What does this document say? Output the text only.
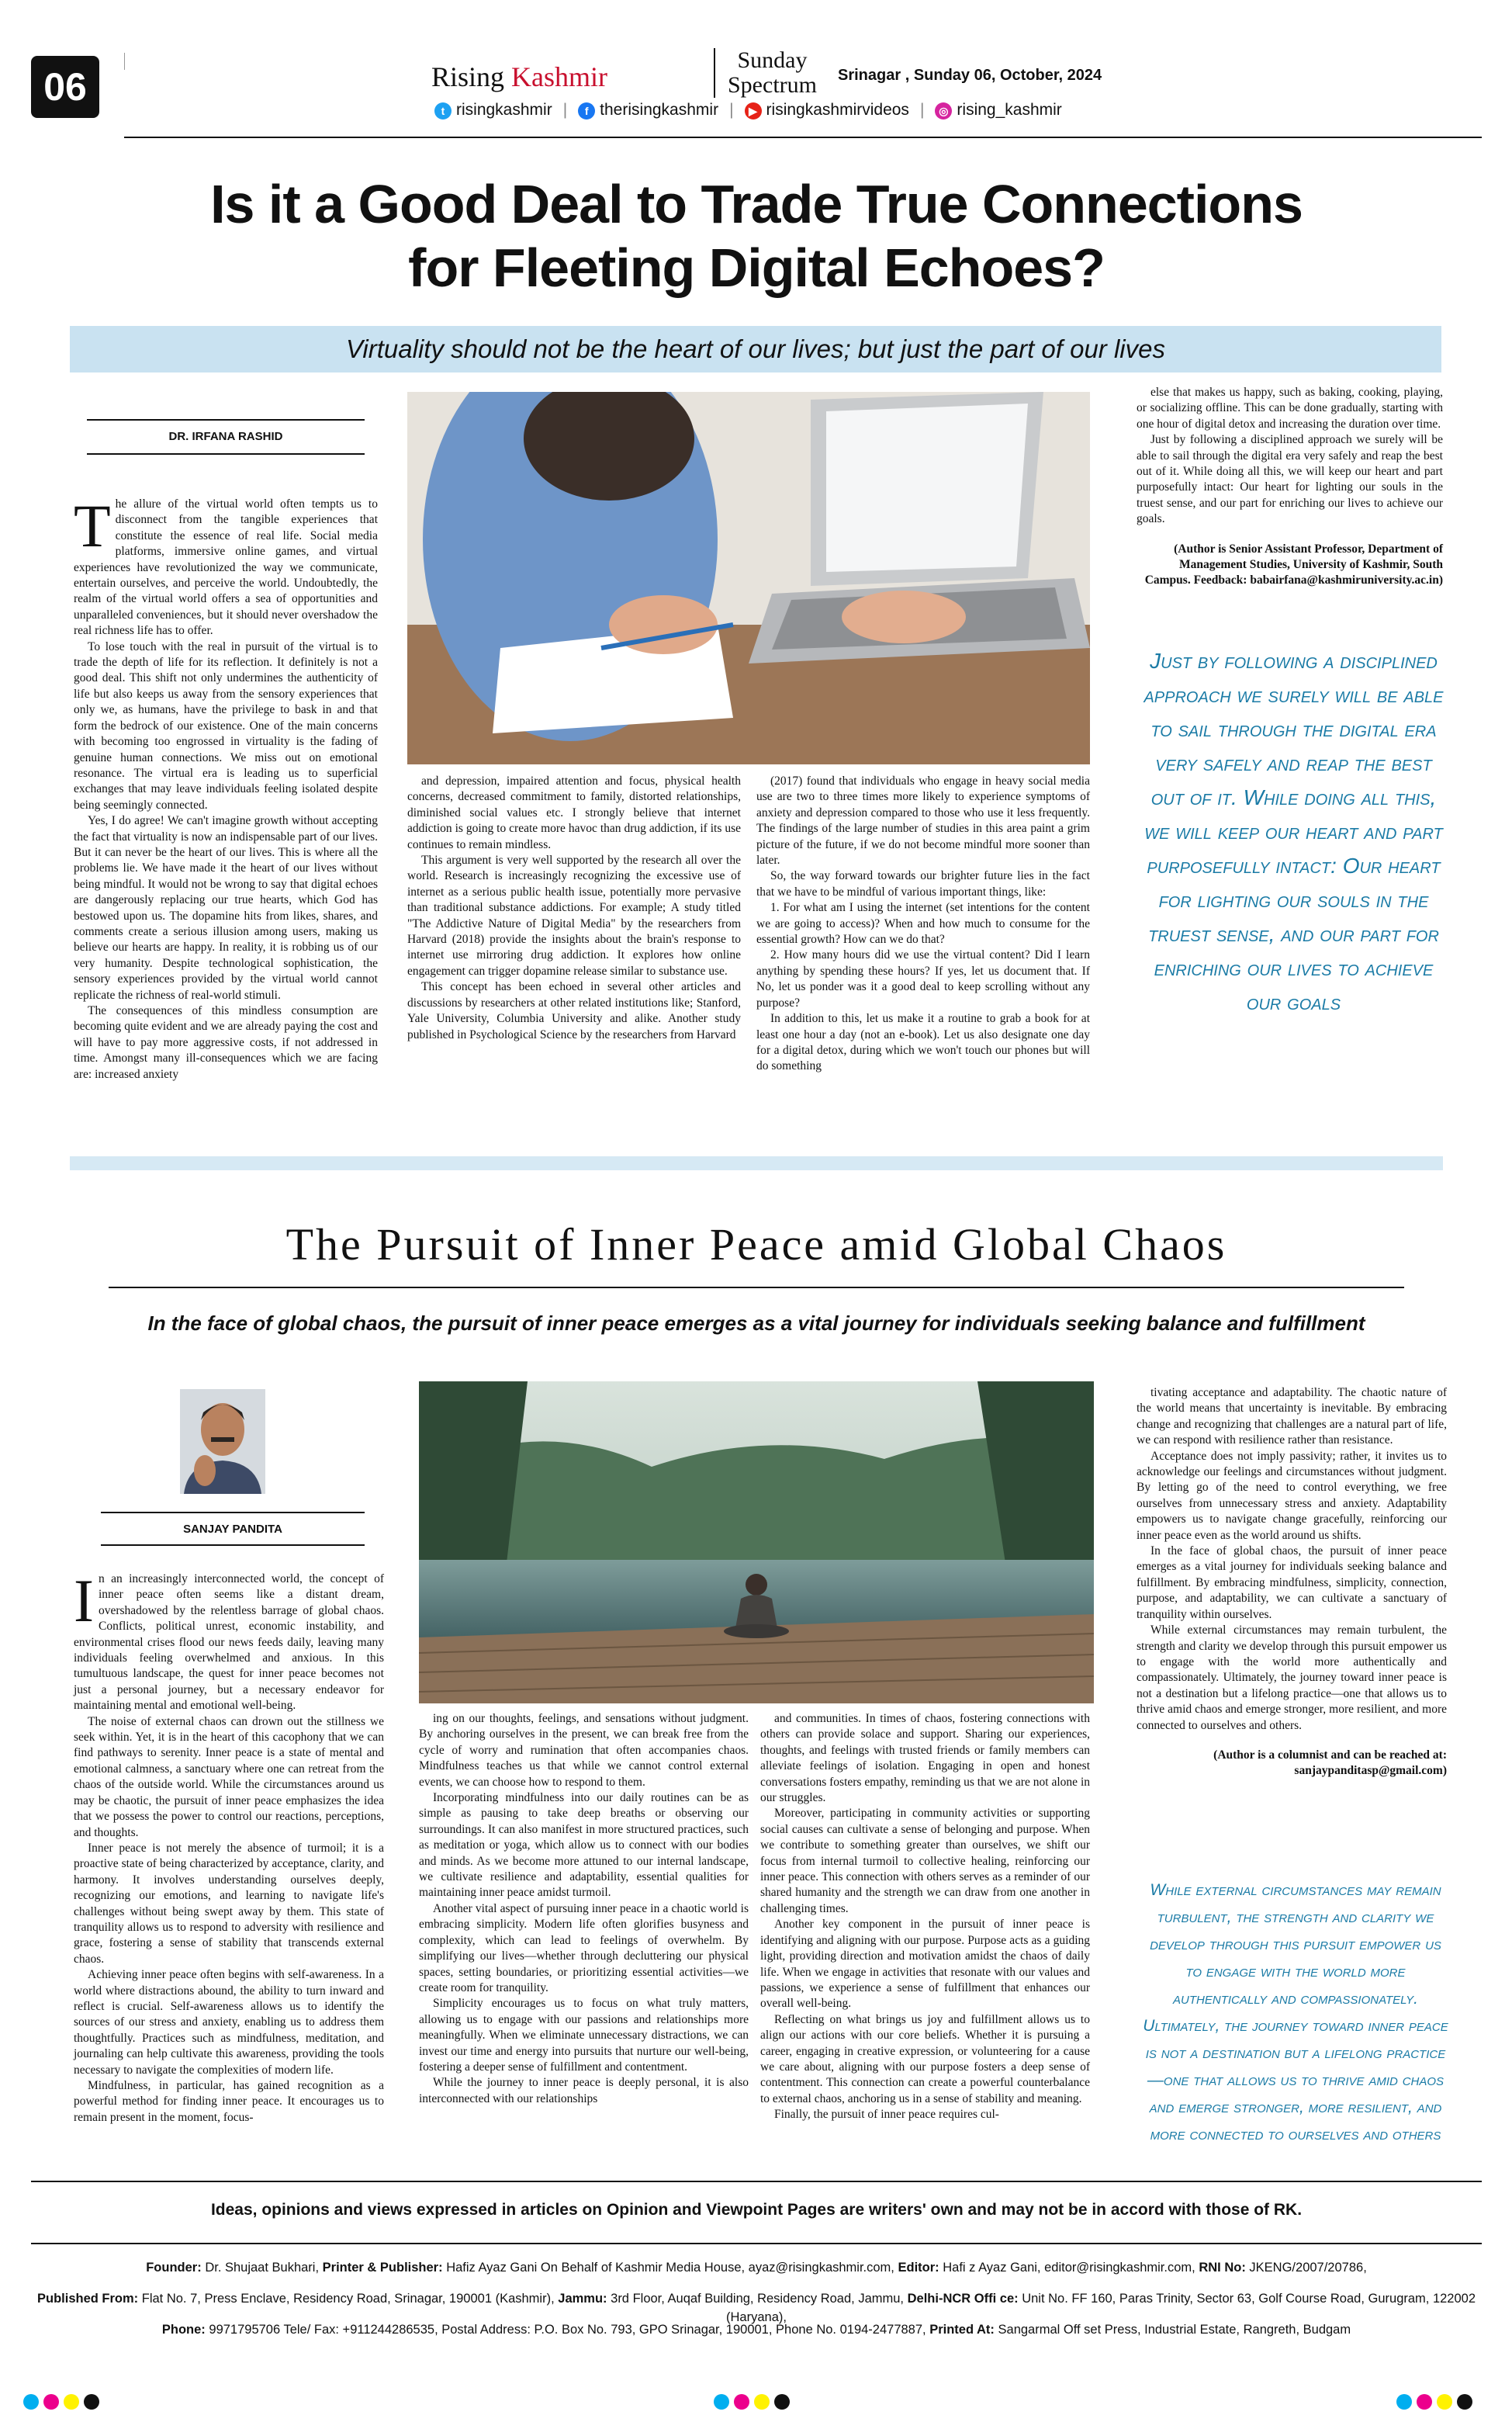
06	Rising Kashmir
Sunday
Spectrum Srinagar , Sunday 06, October, 2024
t risingkashmir |	f therisingkashmir |	▶ risingkashmirvideos |	◎ rising_kashmir
Is it a Good Deal to Trade True Connections
for Fleeting Digital Echoes?
Virtuality should not be the heart of our lives; but just the part of our lives
DR. IRFANA RASHID

The allure of the virtual world often tempts us to disconnect from the tangible experiences that constitute the essence of real life. Social media platforms, immersive online games, and virtual experiences have revolutionized the way we communicate, entertain ourselves, and perceive the world. Undoubtedly, the realm of the virtual world offers a sea of opportunities and unparalleled conveniences, but it should never overshadow the real richness life has to offer.

To lose touch with the real in pursuit of the virtual is to trade the depth of life for its reflection. It definitely is not a good deal. This shift not only undermines the authenticity of life but also keeps us away from the sensory experiences that only we, as humans, have the privilege to bask in and that form the bedrock of our existence. One of the main concerns with becoming too engrossed in virtuality is the fading of genuine human connections. We miss out on emotional resonance. The virtual era is leading us to superficial exchanges that may leave individuals feeling isolated despite being seemingly connected.

Yes, I do agree! We can't imagine growth without accepting the fact that virtuality is now an indispensable part of our lives. But it can never be the heart of our lives. This is where all the problems lie. We have made it the heart of our lives without being mindful. It would not be wrong to say that digital echoes are dangerously replacing our true hearts, which God has bestowed upon us. The dopamine hits from likes, shares, and comments create a serious illusion among users, making us believe our hearts are happy. In reality, it is robbing us of our very humanity. Despite technological sophistication, the sensory experiences provided by the virtual world cannot replicate the richness of real-world stimuli.

The consequences of this mindless consumption are becoming quite evident and we are already paying the cost and will have to pay more aggressive costs, if not addressed in time. Amongst many ill-consequences which we are facing are: increased anxiety

and depression, impaired attention and focus, physical health concerns, decreased commitment to family, distorted relationships, diminished social values etc. I strongly believe that internet addiction is going to create more havoc than drug addiction, if its use continues to remain mindless.

This argument is very well supported by the research all over the world. Research is increasingly recognizing the excessive use of internet as a serious public health issue, potentially more pervasive than traditional substance addictions. For example; A study titled "The Addictive Nature of Digital Media" by the researchers from Harvard (2018) provide the insights about the brain's response to internet use mirroring drug addiction. It explores how online engagement can trigger dopamine release similar to substance use.

This concept has been echoed in several other articles and discussions by researchers at other related institutions like; Stanford, Yale University, Columbia University and alike. Another study published in Psychological Science by the researchers from Harvard

(2017) found that individuals who engage in heavy social media use are two to three times more likely to experience symptoms of anxiety and depression compared to those who use it less frequently. The findings of the large number of studies in this area paint a grim picture of the future, if we do not become mindful more sooner than later.

So, the way forward towards our brighter future lies in the fact that we have to be mindful of various important things, like:

1. For what am I using the internet (set intentions for the content we are going to access)? When and how much to consume for the essential growth? How can we do that?

2. How many hours did we use the virtual content? Did I learn anything by spending these hours? If yes, let us document that. If No, let us ponder was it a good deal to keep scrolling without any purpose?

In addition to this, let us make it a routine to grab a book for at least one hour a day (not an e-book). Let us also designate one day for a digital detox, during which we won't touch our phones but will do something

else that makes us happy, such as baking, cooking, playing, or socializing offline. This can be done gradually, starting with one hour of digital detox and increasing the duration over time.

Just by following a disciplined approach we surely will be able to sail through the digital era very safely and reap the best out of it. While doing all this, we will keep our heart and part purposefully intact: Our heart for lighting our souls in the truest sense, and our part for enriching our lives to achieve our goals.

(Author is Senior Assistant Professor, Department of Management Studies, University of Kashmir, South Campus. Feedback: babairfana@kashmiruniversity.ac.in)
Just by following a disciplined approach we surely will be able to sail through the digital era very safely and reap the best out of it. While doing all this, we will keep our heart and part purposefully intact: Our heart for lighting our souls in the truest sense, and our part for enriching our lives to achieve our goals
The Pursuit of Inner Peace amid Global Chaos
In the face of global chaos, the pursuit of inner peace emerges as a vital journey for individuals seeking balance and fulfillment
SANJAY PANDITA

In an increasingly interconnected world, the concept of inner peace often seems like a distant dream, overshadowed by the relentless barrage of global chaos. Conflicts, political unrest, economic instability, and environmental crises flood our news feeds daily, leaving many individuals feeling overwhelmed and anxious. In this tumultuous landscape, the quest for inner peace becomes not just a personal journey, but a necessary endeavor for maintaining mental and emotional well-being.

The noise of external chaos can drown out the stillness we seek within. Yet, it is in the heart of this cacophony that we can find pathways to serenity. Inner peace is a state of mental and emotional calmness, a sanctuary where one can retreat from the chaos of the outside world. While the circumstances around us may be chaotic, the pursuit of inner peace emphasizes the idea that we possess the power to control our reactions, perceptions, and thoughts.

Inner peace is not merely the absence of turmoil; it is a proactive state of being characterized by acceptance, clarity, and harmony. It involves understanding ourselves deeply, recognizing our emotions, and learning to navigate life's challenges without being swept away by them. This state of tranquility allows us to respond to adversity with resilience and grace, fostering a sense of stability that transcends external chaos.

Achieving inner peace often begins with self-awareness. In a world where distractions abound, the ability to turn inward and reflect is crucial. Self-awareness allows us to identify the sources of our stress and anxiety, enabling us to address them thoughtfully. Practices such as mindfulness, meditation, and journaling can help cultivate this awareness, providing the tools necessary to navigate the complexities of modern life.

Mindfulness, in particular, has gained recognition as a powerful method for finding inner peace. It encourages us to remain present in the moment, focus-

ing on our thoughts, feelings, and sensations without judgment. By anchoring ourselves in the present, we can break free from the cycle of worry and rumination that often accompanies chaos. Mindfulness teaches us that while we cannot control external events, we can choose how to respond to them.

Incorporating mindfulness into our daily routines can be as simple as pausing to take deep breaths or observing our surroundings. It can also manifest in more structured practices, such as meditation or yoga, which allow us to connect with our bodies and minds. As we become more attuned to our internal landscape, we cultivate resilience and adaptability, essential qualities for maintaining inner peace amidst turmoil.

Another vital aspect of pursuing inner peace in a chaotic world is embracing simplicity. Modern life often glorifies busyness and complexity, which can lead to feelings of overwhelm. By simplifying our lives—whether through decluttering our physical spaces, setting boundaries, or prioritizing essential activities—we create room for tranquility.

Simplicity encourages us to focus on what truly matters, allowing us to engage with our passions and relationships more meaningfully. When we eliminate unnecessary distractions, we can invest our time and energy into pursuits that nurture our well-being, fostering a deeper sense of fulfillment and contentment.

While the journey to inner peace is deeply personal, it is also interconnected with our relationships

and communities. In times of chaos, fostering connections with others can provide solace and support. Sharing our experiences, thoughts, and feelings with trusted friends or family members can alleviate feelings of isolation. Engaging in open and honest conversations fosters empathy, reminding us that we are not alone in our struggles.

Moreover, participating in community activities or supporting social causes can cultivate a sense of belonging and purpose. When we contribute to something greater than ourselves, we shift our focus from internal turmoil to collective healing, reinforcing our inner peace. This connection with others serves as a reminder of our shared humanity and the strength we can draw from one another in challenging times.

Another key component in the pursuit of inner peace is identifying and aligning with our purpose. Purpose acts as a guiding light, providing direction and motivation amidst the chaos of daily life. When we engage in activities that resonate with our values and passions, we experience a sense of fulfillment that enhances our overall well-being.

Reflecting on what brings us joy and fulfillment allows us to align our actions with our core beliefs. Whether it is pursuing a career, engaging in creative expression, or volunteering for a cause we care about, aligning with our purpose fosters a deep sense of contentment. This connection can create a powerful counterbalance to external chaos, anchoring us in a sense of stability and meaning.

Finally, the pursuit of inner peace requires cul-

tivating acceptance and adaptability. The chaotic nature of the world means that uncertainty is inevitable. By embracing change and recognizing that challenges are a natural part of life, we can respond with resilience rather than resistance.

Acceptance does not imply passivity; rather, it invites us to acknowledge our feelings and circumstances without judgment. By letting go of the need to control everything, we free ourselves from unnecessary stress and anxiety. Adaptability empowers us to navigate change gracefully, reinforcing our inner peace even as the world around us shifts.

In the face of global chaos, the pursuit of inner peace emerges as a vital journey for individuals seeking balance and fulfillment. By embracing mindfulness, simplicity, connection, purpose, and adaptability, we can cultivate a sanctuary of tranquility within ourselves.

While external circumstances may remain turbulent, the strength and clarity we develop through this pursuit empower us to engage with the world more authentically and compassionately. Ultimately, the journey toward inner peace is not a destination but a lifelong practice—one that allows us to thrive amid chaos and emerge stronger, more resilient, and more connected to ourselves and others.

(Author is a columnist and can be reached at: sanjaypanditasp@gmail.com)
While external circumstances may remain turbulent, the strength and clarity we develop through this pursuit empower us to engage with the world more authentically and compassionately. Ultimately, the journey toward inner peace is not a destination but a lifelong practice—one that allows us to thrive amid chaos and emerge stronger, more resilient, and more connected to ourselves and others
Ideas, opinions and views expressed in articles on Opinion and Viewpoint Pages are writers' own and may not be in accord with those of RK.
Founder: Dr. Shujaat Bukhari, Printer & Publisher: Hafiz Ayaz Gani On Behalf of Kashmir Media House, ayaz@risingkashmir.com, Editor: Hafi z Ayaz Gani, editor@risingkashmir.com, RNI No: JKENG/2007/20786,
Published From: Flat No. 7, Press Enclave, Residency Road, Srinagar, 190001 (Kashmir), Jammu: 3rd Floor, Auqaf Building, Residency Road, Jammu, Delhi-NCR Offi ce: Unit No. FF 160, Paras Trinity, Sector 63, Golf Course Road, Gurugram, 122002 (Haryana),
Phone: 9971795706 Tele/ Fax: +911244286535, Postal Address: P.O. Box No. 793, GPO Srinagar, 190001, Phone No. 0194-2477887, Printed At: Sangarmal Off set Press, Industrial Estate, Rangreth, Budgam
